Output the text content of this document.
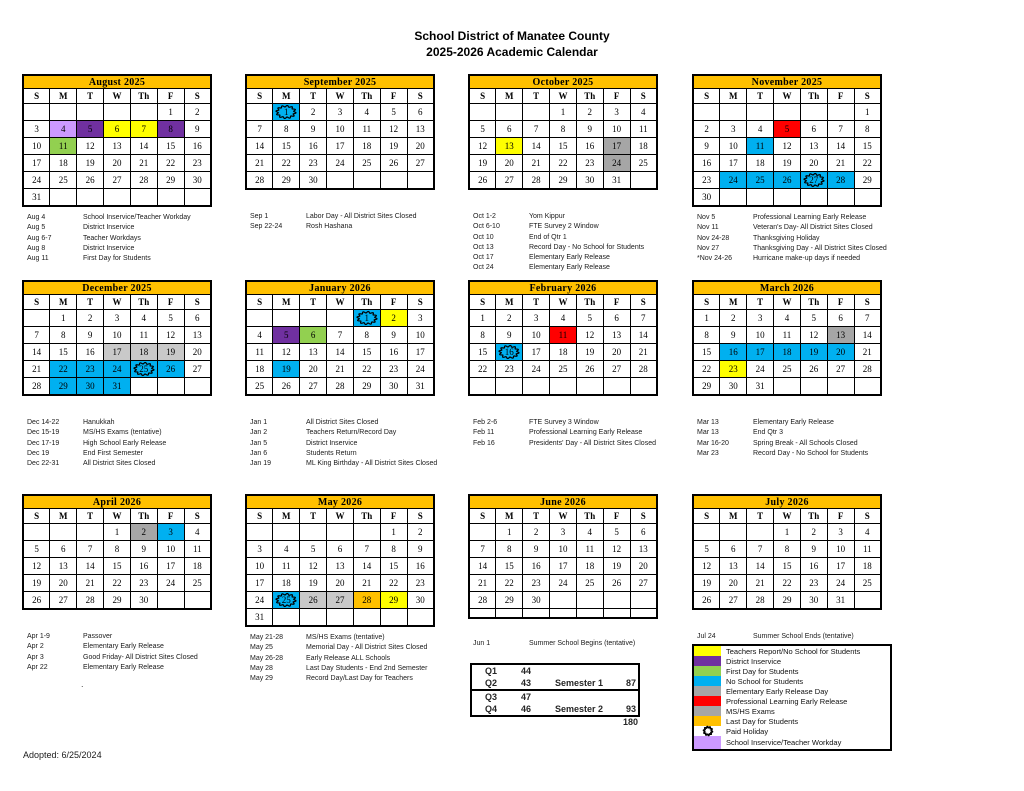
School District of Manatee County
2025-2026 Academic Calendar
August 2025						
S	M	T	W	Th	F	S
					1	2
3	4	5	6	7	8	9
10	11	12	13	14	15	16
17	18	19	20	21	22	23
24	25	26	27	28	29	30
31						
Aug 4	School Inservice/Teacher Workday
Aug 5	District Inservice
Aug 6-7	Teacher Workdays
Aug 8	District Inservice
Aug 11	First Day for Students
September 2025						
S	M	T	W	Th	F	S
	1	2	3	4	5	6
7	8	9	10	11	12	13
14	15	16	17	18	19	20
21	22	23	24	25	26	27
28	29	30				
Sep 1	Labor Day - All District Sites Closed
Sep 22-24	Rosh Hashana
October 2025						
S	M	T	W	Th	F	S
			1	2	3	4
5	6	7	8	9	10	11
12	13	14	15	16	17	18
19	20	21	22	23	24	25
26	27	28	29	30	31	
Oct 1-2	Yom Kippur
Oct 6-10	FTE Survey 2 Window
Oct 10	End of Qtr 1
Oct 13	Record Day - No School for Students
Oct 17	Elementary Early Release
Oct 24	Elementary Early Release
November 2025						
S	M	T	W	Th	F	S
						1
2	3	4	5	6	7	8
9	10	11	12	13	14	15
16	17	18	19	20	21	22
23	24	25	26	27	28	29
30						
Nov 5	Professional Learning Early Release
Nov 11	Veteran's Day- All District Sites Closed
Nov 24-28	Thanksgiving Holiday
Nov 27	Thanksgiving Day - All District Sites Closed
*Nov 24-26	Hurricane make-up days if needed
December 2025						
S	M	T	W	Th	F	S
	1	2	3	4	5	6
7	8	9	10	11	12	13
14	15	16	17	18	19	20
21	22	23	24	25	26	27
28	29	30	31			
Dec 14-22	Hanukkah
Dec 15-19	MS/HS Exams (tentative)
Dec 17-19	High School Early Release
Dec 19	End First Semester
Dec 22-31	All District Sites Closed
January 2026						
S	M	T	W	Th	F	S
				1	2	3
4	5	6	7	8	9	10
11	12	13	14	15	16	17
18	19	20	21	22	23	24
25	26	27	28	29	30	31
Jan 1	All District Sites Closed
Jan 2	Teachers Return/Record Day
Jan 5	District Inservice
Jan 6	Students Return
Jan 19	ML King Birthday - All District Sites Closed
February 2026						
S	M	T	W	Th	F	S
1	2	3	4	5	6	7
8	9	10	11	12	13	14
15	16	17	18	19	20	21
22	23	24	25	26	27	28

Feb 2-6	FTE Survey 3 Window
Feb 11	Professional Learning Early Release
Feb 16	Presidents' Day - All District Sites Closed
March 2026						
S	M	T	W	Th	F	S
1	2	3	4	5	6	7
8	9	10	11	12	13	14
15	16	17	18	19	20	21
22	23	24	25	26	27	28
29	30	31				
Mar 13	Elementary Early Release
Mar 13	End Qtr 3
Mar 16-20	Spring Break - All Schools Closed
Mar 23	Record Day - No School for Students
April 2026						
S	M	T	W	Th	F	S
			1	2	3	4
5	6	7	8	9	10	11
12	13	14	15	16	17	18
19	20	21	22	23	24	25
26	27	28	29	30		
Apr 1-9	Passover
Apr 2	Elementary Early Release
Apr 3	Good Friday- All District Sites Closed
Apr 22	Elementary Early Release
May 2026						
S	M	T	W	Th	F	S
					1	2
3	4	5	6	7	8	9
10	11	12	13	14	15	16
17	18	19	20	21	22	23
24	25	26	27	28	29	30
31						
May 21-28	MS/HS Exams (tentative)
May 25	Memorial Day - All District Sites Closed
May 26-28	Early Release ALL Schools
May 28	Last Day Students - End 2nd Semester
May 29	Record Day/Last Day for Teachers
June 2026						
S	M	T	W	Th	F	S
	1	2	3	4	5	6
7	8	9	10	11	12	13
14	15	16	17	18	19	20
21	22	23	24	25	26	27
28	29	30				

Jun 1	Summer School Begins (tentative)
Q1	44
Q2	43	Semester 1	87
Q3	47
Q4	46	Semester 2	93
180
July 2026						
S	M	T	W	Th	F	S
			1	2	3	4
5	6	7	8	9	10	11
12	13	14	15	16	17	18
19	20	21	22	23	24	25
26	27	28	29	30	31	
Jul 24	Summer School Ends (tentative)
Teachers Report/No School for Students
District Inservice
First Day for Students
No School for Students
Elementary Early Release Day
Professional Learning Early Release
MS/HS Exams
Last Day for Students
Paid Holiday
School Inservice/Teacher Workday
.
Adopted: 6/25/2024
